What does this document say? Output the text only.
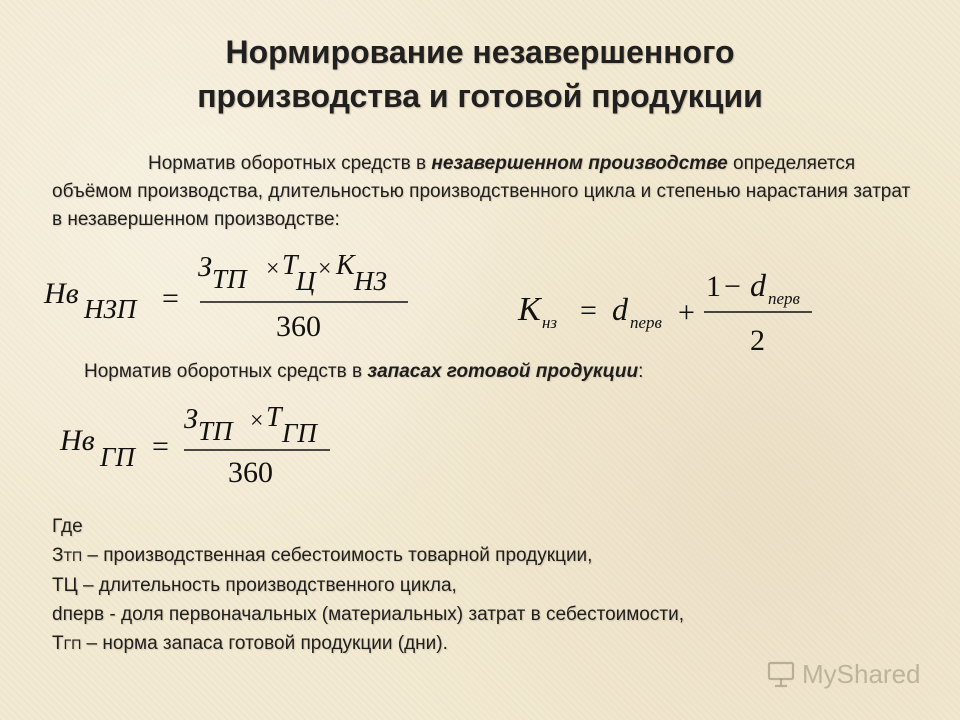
Нормирование незавершенного
производства и готовой продукции
Норматив оборотных средств в незавершенном производстве определяется объёмом производства, длительностью производственного цикла и степенью нарастания затрат в незавершенном производстве:
Нв НЗП =
З ТП × Т
Ц × К НЗ
360	К нз = d перв +
1 − d перв
2
Норматив оборотных средств в запасах готовой продукции:
Нв ГП =
З ТП × Т ГП
360
Где
ЗТП – производственная себестоимость товарной продукции,
ТЦ – длительность производственного цикла,
dперв - доля первоначальных (материальных) затрат в себестоимости,
ТГП – норма запаса готовой продукции (дни).
MyShared
